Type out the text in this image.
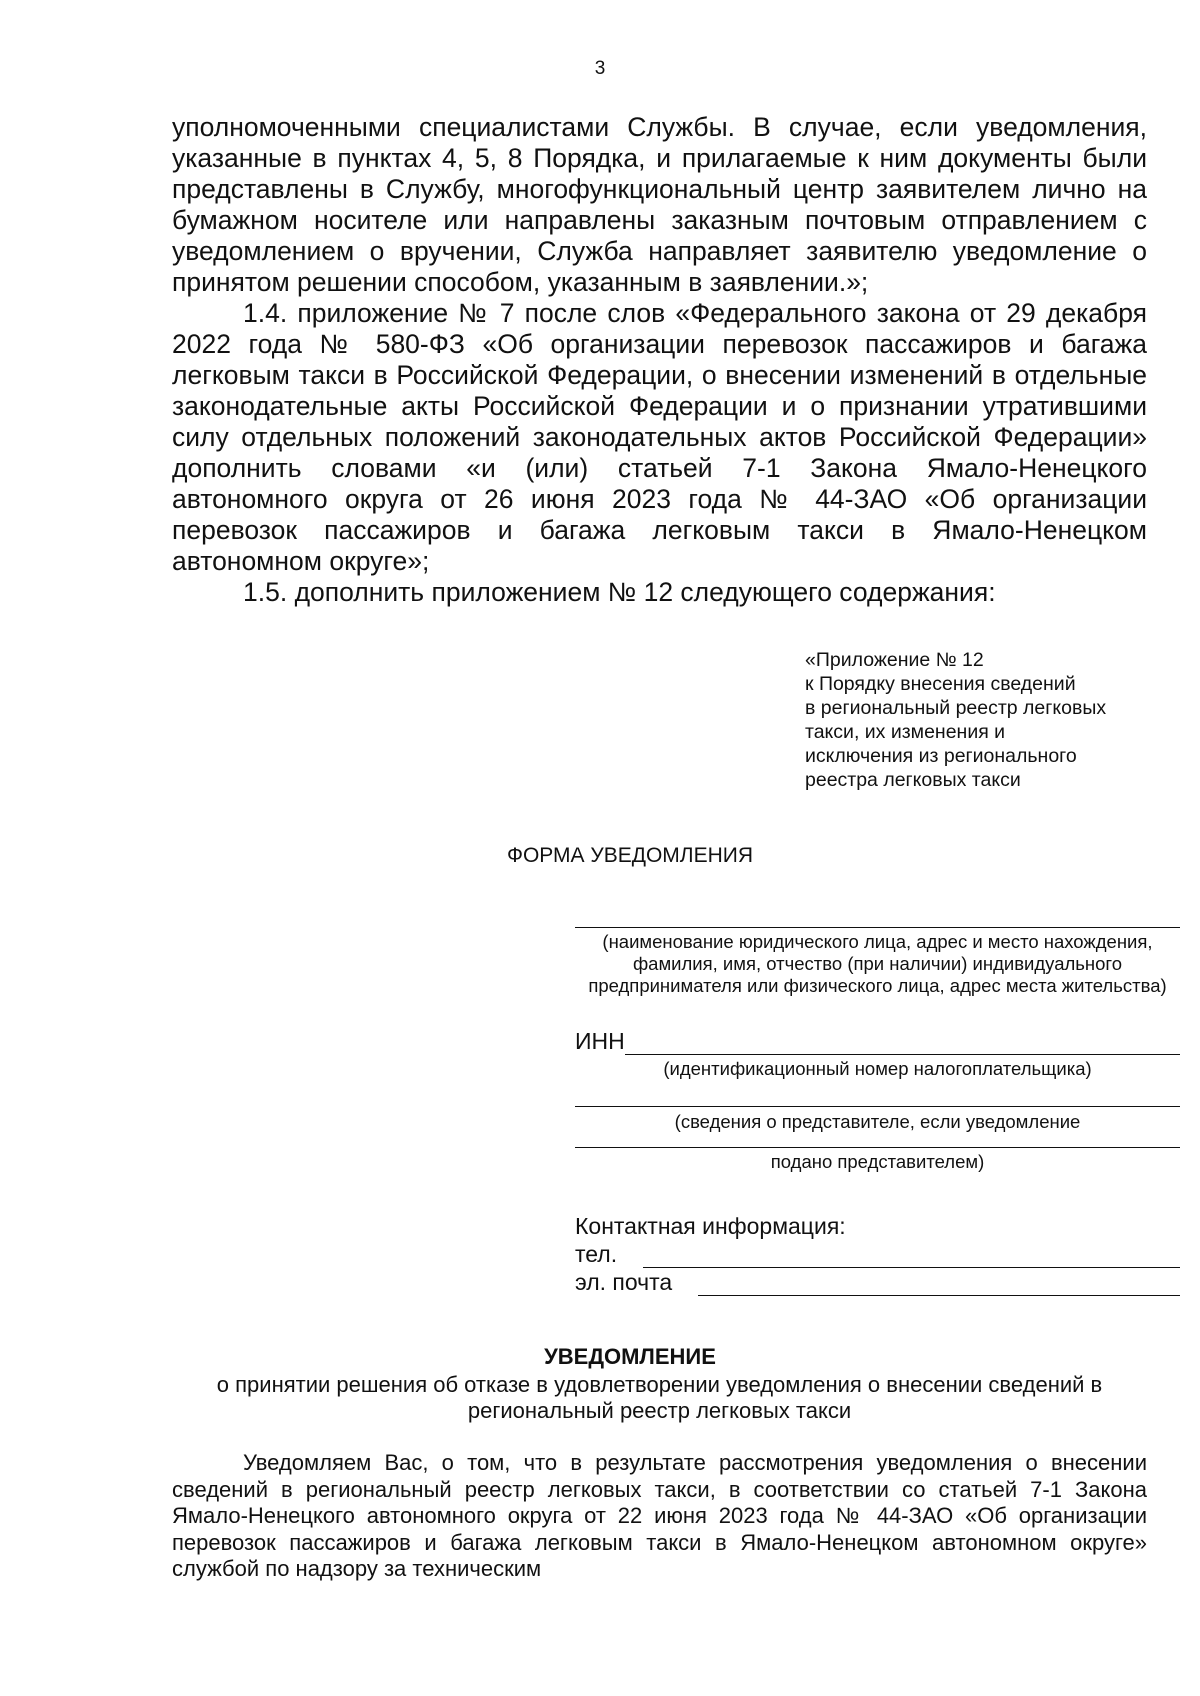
3

уполномоченными специалистами Службы. В случае, если уведомления, указанные в пунктах 4, 5, 8 Порядка, и прилагаемые к ним документы были представлены в Службу, многофункциональный центр заявителем лично на бумажном носителе или направлены заказным почтовым отправлением с уведомлением о вручении, Служба направляет заявителю уведомление о принятом решении способом, указанным в заявлении.»;

1.4. приложение № 7 после слов «Федерального закона от 29 декабря 2022 года № 580-ФЗ «Об организации перевозок пассажиров и багажа легковым такси в Российской Федерации, о внесении изменений в отдельные законодательные акты Российской Федерации и о признании утратившими силу отдельных положений законодательных актов Российской Федерации» дополнить словами «и (или) статьей 7-1 Закона Ямало-Ненецкого автономного округа от 26 июня 2023 года № 44-ЗАО «Об организации перевозок пассажиров и багажа легковым такси в Ямало-Ненецком автономном округе»;

1.5. дополнить приложением № 12 следующего содержания:

«Приложение № 12
к Порядку внесения сведений
в региональный реестр легковых
такси, их изменения и
исключения из регионального
реестра легковых такси
ФОРМА УВЕДОМЛЕНИЯ
(наименование юридического лица, адрес и место нахождения, фамилия, имя, отчество (при наличии) индивидуального предпринимателя или физического лица, адрес места жительства)
ИНН
(идентификационный номер налогоплательщика)
(сведения о представителе, если уведомление
подано представителем)
Контактная информация:
тел.
эл. почта
УВЕДОМЛЕНИЕ
о принятии решения об отказе в удовлетворении уведомления о внесении сведений в региональный реестр легковых такси

Уведомляем Вас, о том, что в результате рассмотрения уведомления о внесении сведений в региональный реестр легковых такси, в соответствии со статьей 7-1 Закона Ямало-Ненецкого автономного округа от 22 июня 2023 года № 44-ЗАО «Об организации перевозок пассажиров и багажа легковым такси в Ямало-Ненецком автономном округе» службой по надзору за техническим
